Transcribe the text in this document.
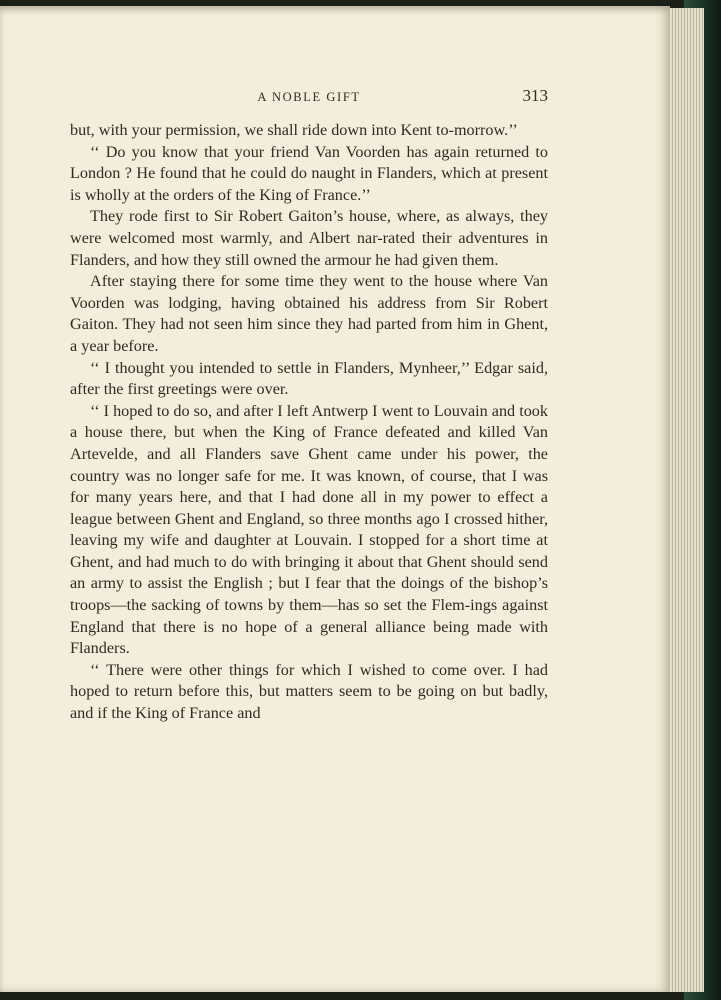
A NOBLE GIFT	313

but, with your permission, we shall ride down into Kent to-morrow.’’

‘‘ Do you know that your friend Van Voorden has again returned to London ? He found that he could do naught in Flanders, which at present is wholly at the orders of the King of France.’’

They rode first to Sir Robert Gaiton’s house, where, as always, they were welcomed most warmly, and Albert nar-rated their adventures in Flanders, and how they still owned the armour he had given them.

After staying there for some time they went to the house where Van Voorden was lodging, having obtained his address from Sir Robert Gaiton. They had not seen him since they had parted from him in Ghent, a year before.

‘‘ I thought you intended to settle in Flanders, Mynheer,’’ Edgar said, after the first greetings were over.

‘‘ I hoped to do so, and after I left Antwerp I went to Louvain and took a house there, but when the King of France defeated and killed Van Artevelde, and all Flanders save Ghent came under his power, the country was no longer safe for me. It was known, of course, that I was for many years here, and that I had done all in my power to effect a league between Ghent and England, so three months ago I crossed hither, leaving my wife and daughter at Louvain. I stopped for a short time at Ghent, and had much to do with bringing it about that Ghent should send an army to assist the English ; but I fear that the doings of the bishop’s troops—the sacking of towns by them—has so set the Flem-ings against England that there is no hope of a general alliance being made with Flanders.

‘‘ There were other things for which I wished to come over. I had hoped to return before this, but matters seem to be going on but badly, and if the King of France and
